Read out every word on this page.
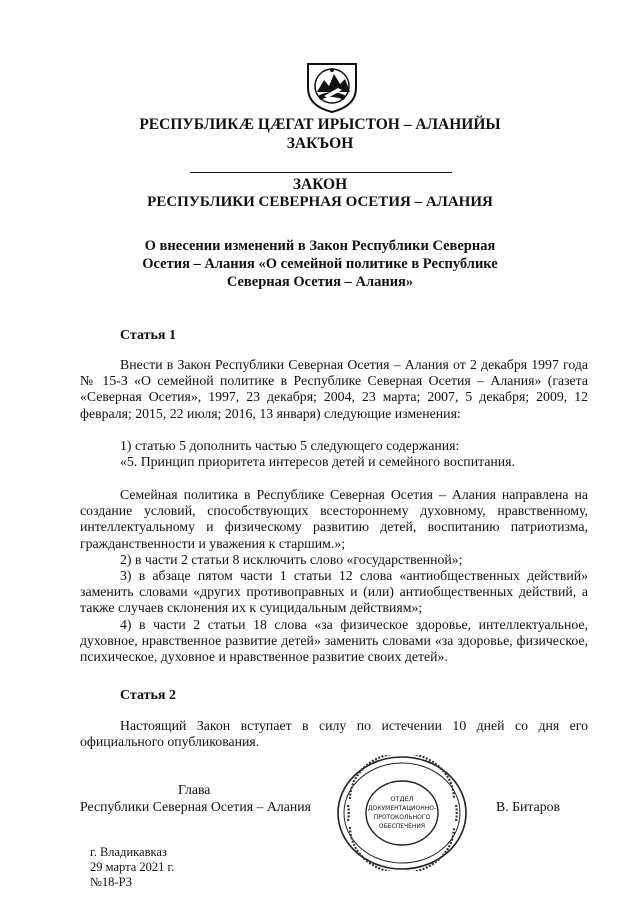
РЕСПУБЛИКӔ ЦӔГАТ ИРЫСТОН – АЛАНИЙЫ
ЗАКЪОН
ЗАКОН
РЕСПУБЛИКИ СЕВЕРНАЯ ОСЕТИЯ – АЛАНИЯ
О внесении изменений в Закон Республики Северная
Осетия – Алания «О семейной политике в Республике
Северная Осетия – Алания»
Статья 1
Внести в Закон Республики Северная Осетия – Алания от 2 декабря 1997 года № 15-З «О семейной политике в Республике Северная Осетия – Алания» (газета «Северная Осетия», 1997, 23 декабря; 2004, 23 марта; 2007, 5 декабря; 2009, 12 февраля; 2015, 22 июля; 2016, 13 января) следующие изменения:
1) статью 5 дополнить частью 5 следующего содержания:
«5. Принцип приоритета интересов детей и семейного воспитания.
Семейная политика в Республике Северная Осетия – Алания направлена на создание условий, способствующих всестороннему духовному, нравственному, интеллектуальному и физическому развитию детей, воспитанию патриотизма, гражданственности и уважения к старшим.»;
2) в части 2 статьи 8 исключить слово «государственной»;
3) в абзаце пятом части 1 статьи 12 слова «антиобщественных действий» заменить словами «других противоправных и (или) антиобщественных действий, а также случаев склонения их к суицидальным действиям»;
4) в части 2 статьи 18 слова «за физическое здоровье, интеллектуальное, духовное, нравственное развитие детей» заменить словами «за здоровье, физическое, психическое, духовное и нравственное развитие своих детей».
Статья 2
Настоящий Закон вступает в силу по истечении 10 дней со дня его официального опубликования.
Глава
Республики Северная Осетия – Алания	В. Битаров
ОТДЕЛ
ДОКУМЕНТАЦИОННО-
ПРОТОКОЛЬНОГО
ОБЕСПЕЧЕНИЯ
г. Владикавказ
29 марта 2021 г.
№18-РЗ
